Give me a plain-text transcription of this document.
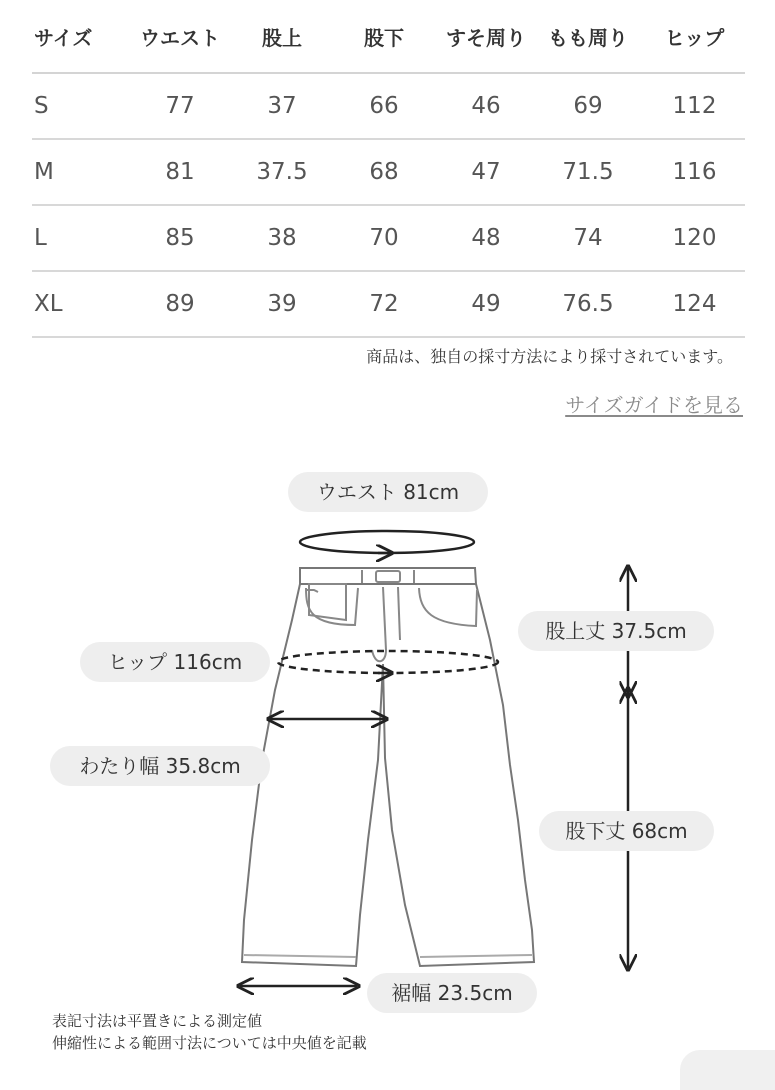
サイズ	ウエスト	股上	股下	すそ周り	もも周り	ヒップ
S	77	37	66	46	69	112
M	81	37.5	68	47	71.5	116
L	85	38	70	48	74	120
XL	89	39	72	49	76.5	124
商品は、独自の採寸方法により採寸されています。
サイズガイドを見る
ウエスト 81cm
ヒップ 116cm
わたり幅 35.8cm
股上丈 37.5cm
股下丈 68cm
裾幅 23.5cm
表記寸法は平置きによる測定値
伸縮性による範囲寸法については中央値を記載
